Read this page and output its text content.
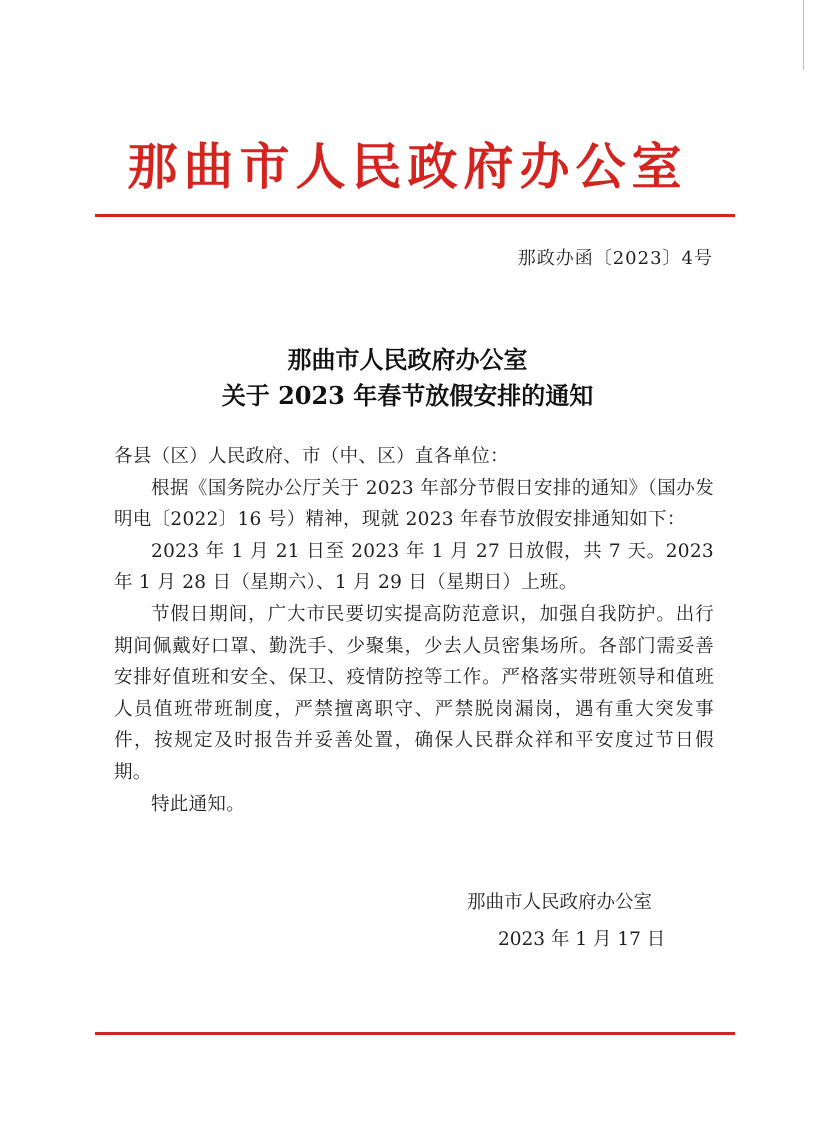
那曲市人民政府办公室
那政办函〔2023〕4号
那曲市人民政府办公室
关于 2023 年春节放假安排的通知

各县（区）人民政府、市（中、区）直各单位：

根据《国务院办公厅关于 2023 年部分节假日安排的通知》（国办发明电〔2022〕16 号）精神，现就 2023 年春节放假安排通知如下：

2023 年 1 月 21 日至 2023 年 1 月 27 日放假，共 7 天。2023 年 1 月 28 日（星期六）、1 月 29 日（星期日）上班。

节假日期间，广大市民要切实提高防范意识，加强自我防护。出行期间佩戴好口罩、勤洗手、少聚集，少去人员密集场所。各部门需妥善安排好值班和安全、保卫、疫情防控等工作。严格落实带班领导和值班人员值班带班制度，严禁擅离职守、严禁脱岗漏岗，遇有重大突发事件，按规定及时报告并妥善处置，确保人民群众祥和平安度过节日假期。

特此通知。

那曲市人民政府办公室
2023 年 1 月 17 日
